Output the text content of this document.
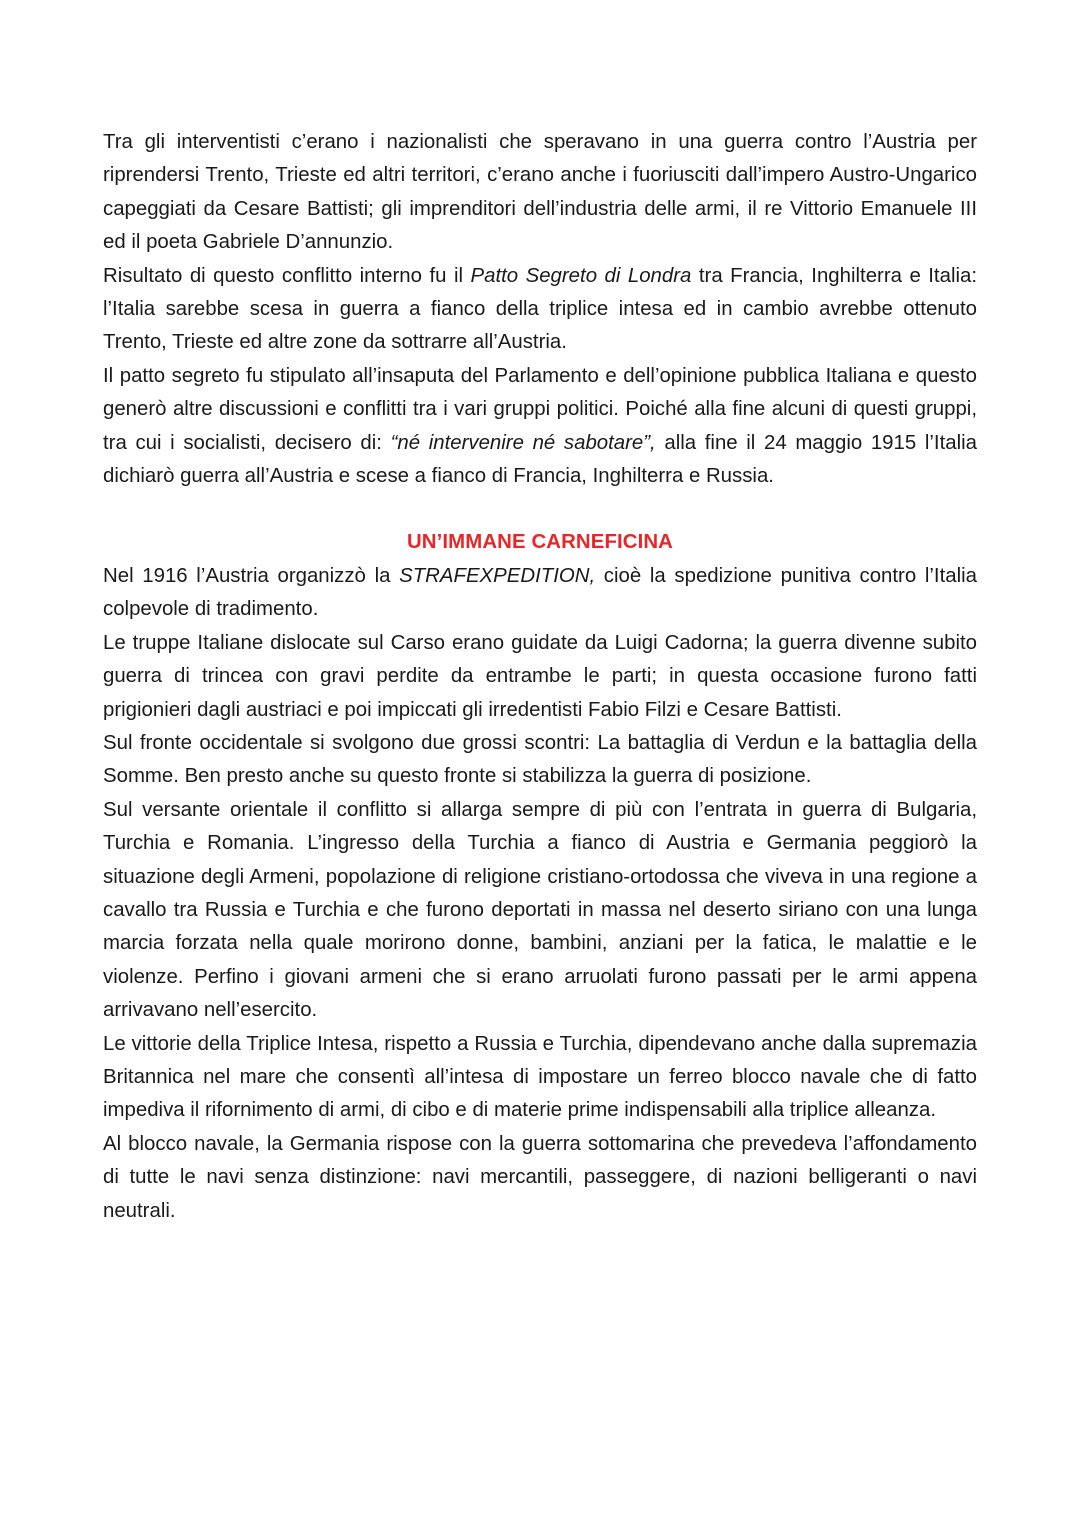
Tra gli interventisti c’erano i nazionalisti che speravano in una guerra contro l’Austria per riprendersi Trento, Trieste ed altri territori, c’erano anche i fuoriusciti dall’impero Austro-Ungarico capeggiati da Cesare Battisti; gli imprenditori dell’industria delle armi, il re Vittorio Emanuele III ed il poeta Gabriele D’annunzio.

Risultato di questo conflitto interno fu il Patto Segreto di Londra tra Francia, Inghilterra e Italia: l’Italia sarebbe scesa in guerra a fianco della triplice intesa ed in cambio avrebbe ottenuto Trento, Trieste ed altre zone da sottrarre all’Austria.

Il patto segreto fu stipulato all’insaputa del Parlamento e dell’opinione pubblica Italiana e questo generò altre discussioni e conflitti tra i vari gruppi politici. Poiché alla fine alcuni di questi gruppi, tra cui i socialisti, decisero di: “né intervenire né sabotare”, alla fine il 24 maggio 1915 l’Italia dichiarò guerra all’Austria e scese a fianco di Francia, Inghilterra e Russia.

UN’IMMANE CARNEFICINA

Nel 1916 l’Austria organizzò la STRAFEXPEDITION, cioè la spedizione punitiva contro l’Italia colpevole di tradimento.

Le truppe Italiane dislocate sul Carso erano guidate da Luigi Cadorna; la guerra divenne subito guerra di trincea con gravi perdite da entrambe le parti; in questa occasione furono fatti prigionieri dagli austriaci e poi impiccati gli irredentisti Fabio Filzi e Cesare Battisti.

Sul fronte occidentale si svolgono due grossi scontri: La battaglia di Verdun e la battaglia della Somme. Ben presto anche su questo fronte si stabilizza la guerra di posizione.

Sul versante orientale il conflitto si allarga sempre di più con l’entrata in guerra di Bulgaria, Turchia e Romania. L’ingresso della Turchia a fianco di Austria e Germania peggiorò la situazione degli Armeni, popolazione di religione cristiano-ortodossa che viveva in una regione a cavallo tra Russia e Turchia e che furono deportati in massa nel deserto siriano con una lunga marcia forzata nella quale morirono donne, bambini, anziani per la fatica, le malattie e le violenze. Perfino i giovani armeni che si erano arruolati furono passati per le armi appena arrivavano nell’esercito.

Le vittorie della Triplice Intesa, rispetto a Russia e Turchia, dipendevano anche dalla supremazia Britannica nel mare che consentì all’intesa di impostare un ferreo blocco navale che di fatto impediva il rifornimento di armi, di cibo e di materie prime indispensabili alla triplice alleanza.

Al blocco navale, la Germania rispose con la guerra sottomarina che prevedeva l’affondamento di tutte le navi senza distinzione: navi mercantili, passeggere, di nazioni belligeranti o navi neutrali.
